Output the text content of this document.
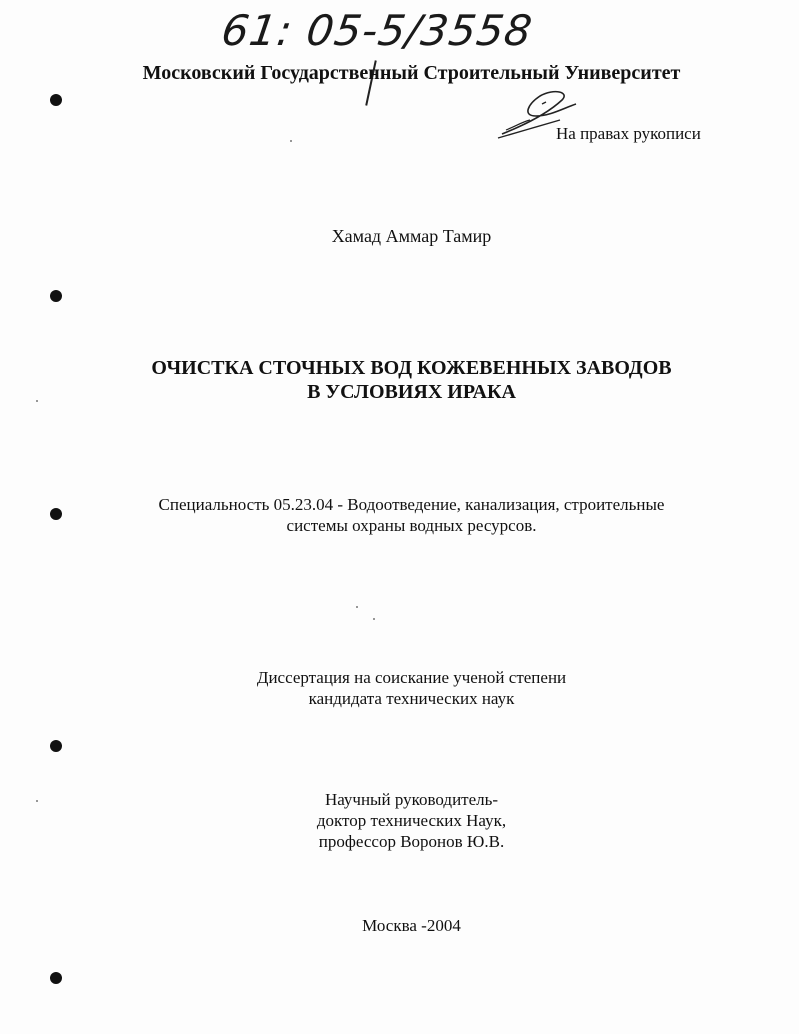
61: 05-5/3558
Московский Государственный Строительный Университет
На правах рукописи
Хамад Аммар Тамир
ОЧИСТКА СТОЧНЫХ ВОД КОЖЕВЕННЫХ ЗАВОДОВ
В УСЛОВИЯХ ИРАКА
Специальность 05.23.04 - Водоотведение, канализация, строительные
системы охраны водных ресурсов.
Диссертация на соискание ученой степени
кандидата технических наук
Научный руководитель-
доктор технических Наук,
профессор Воронов Ю.В.
Москва -2004
